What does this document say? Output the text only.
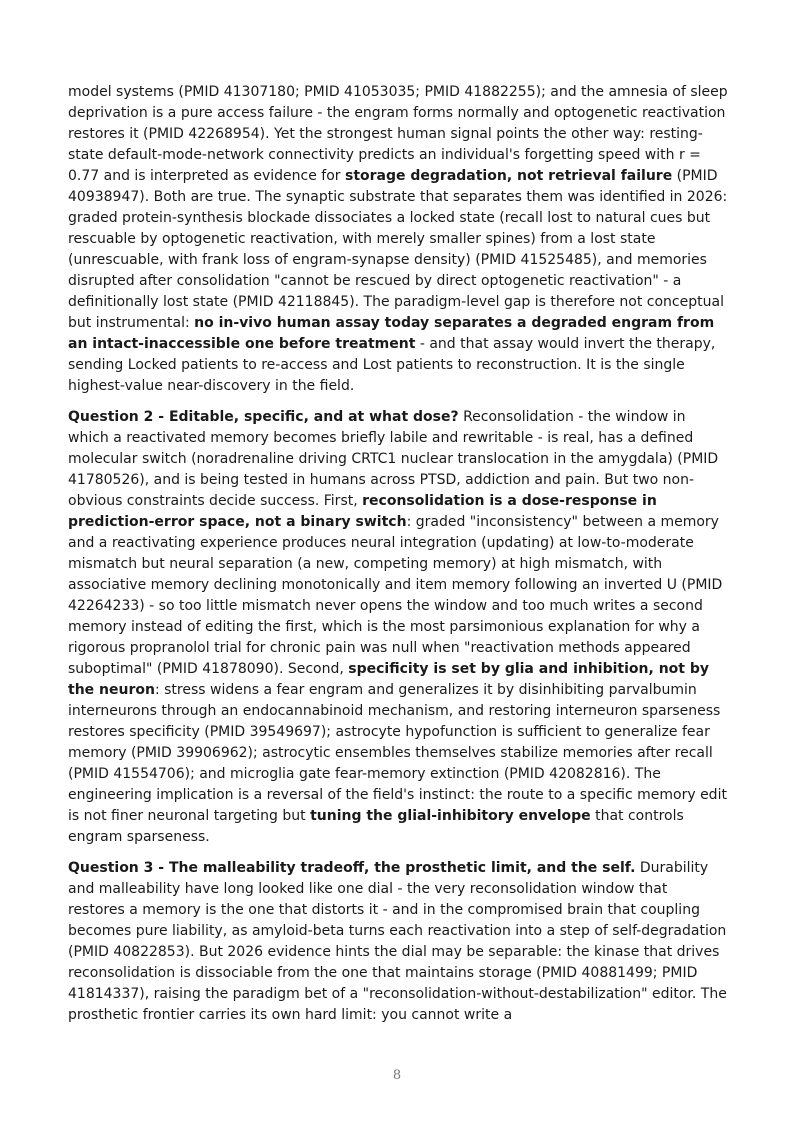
model systems (PMID 41307180; PMID 41053035; PMID 41882255); and the amnesia of sleep deprivation is a pure access failure - the engram forms normally and optogenetic reactivation restores it (PMID 42268954). Yet the strongest human signal points the other way: resting-state default-mode-network connectivity predicts an individual's forgetting speed with r = 0.77 and is interpreted as evidence for storage degradation, not retrieval failure (PMID 40938947). Both are true. The synaptic substrate that separates them was identified in 2026: graded protein-synthesis blockade dissociates a locked state (recall lost to natural cues but rescuable by optogenetic reactivation, with merely smaller spines) from a lost state (unrescuable, with frank loss of engram-synapse density) (PMID 41525485), and memories disrupted after consolidation "cannot be rescued by direct optogenetic reactivation" - a definitionally lost state (PMID 42118845). The paradigm-level gap is therefore not conceptual but instrumental: no in-vivo human assay today separates a degraded engram from an intact-inaccessible one before treatment - and that assay would invert the therapy, sending Locked patients to re-access and Lost patients to reconstruction. It is the single highest-value near-discovery in the field.

Question 2 - Editable, specific, and at what dose? Reconsolidation - the window in which a reactivated memory becomes briefly labile and rewritable - is real, has a defined molecular switch (noradrenaline driving CRTC1 nuclear translocation in the amygdala) (PMID 41780526), and is being tested in humans across PTSD, addiction and pain. But two non-obvious constraints decide success. First, reconsolidation is a dose-response in prediction-error space, not a binary switch: graded "inconsistency" between a memory and a reactivating experience produces neural integration (updating) at low-to-moderate mismatch but neural separation (a new, competing memory) at high mismatch, with associative memory declining monotonically and item memory following an inverted U (PMID 42264233) - so too little mismatch never opens the window and too much writes a second memory instead of editing the first, which is the most parsimonious explanation for why a rigorous propranolol trial for chronic pain was null when "reactivation methods appeared suboptimal" (PMID 41878090). Second, specificity is set by glia and inhibition, not by the neuron: stress widens a fear engram and generalizes it by disinhibiting parvalbumin interneurons through an endocannabinoid mechanism, and restoring interneuron sparseness restores specificity (PMID 39549697); astrocyte hypofunction is sufficient to generalize fear memory (PMID 39906962); astrocytic ensembles themselves stabilize memories after recall (PMID 41554706); and microglia gate fear-memory extinction (PMID 42082816). The engineering implication is a reversal of the field's instinct: the route to a specific memory edit is not finer neuronal targeting but tuning the glial-inhibitory envelope that controls engram sparseness.

Question 3 - The malleability tradeoff, the prosthetic limit, and the self. Durability and malleability have long looked like one dial - the very reconsolidation window that restores a memory is the one that distorts it - and in the compromised brain that coupling becomes pure liability, as amyloid-beta turns each reactivation into a step of self-degradation (PMID 40822853). But 2026 evidence hints the dial may be separable: the kinase that drives reconsolidation is dissociable from the one that maintains storage (PMID 40881499; PMID 41814337), raising the paradigm bet of a "reconsolidation-without-destabilization" editor. The prosthetic frontier carries its own hard limit: you cannot write a

8
